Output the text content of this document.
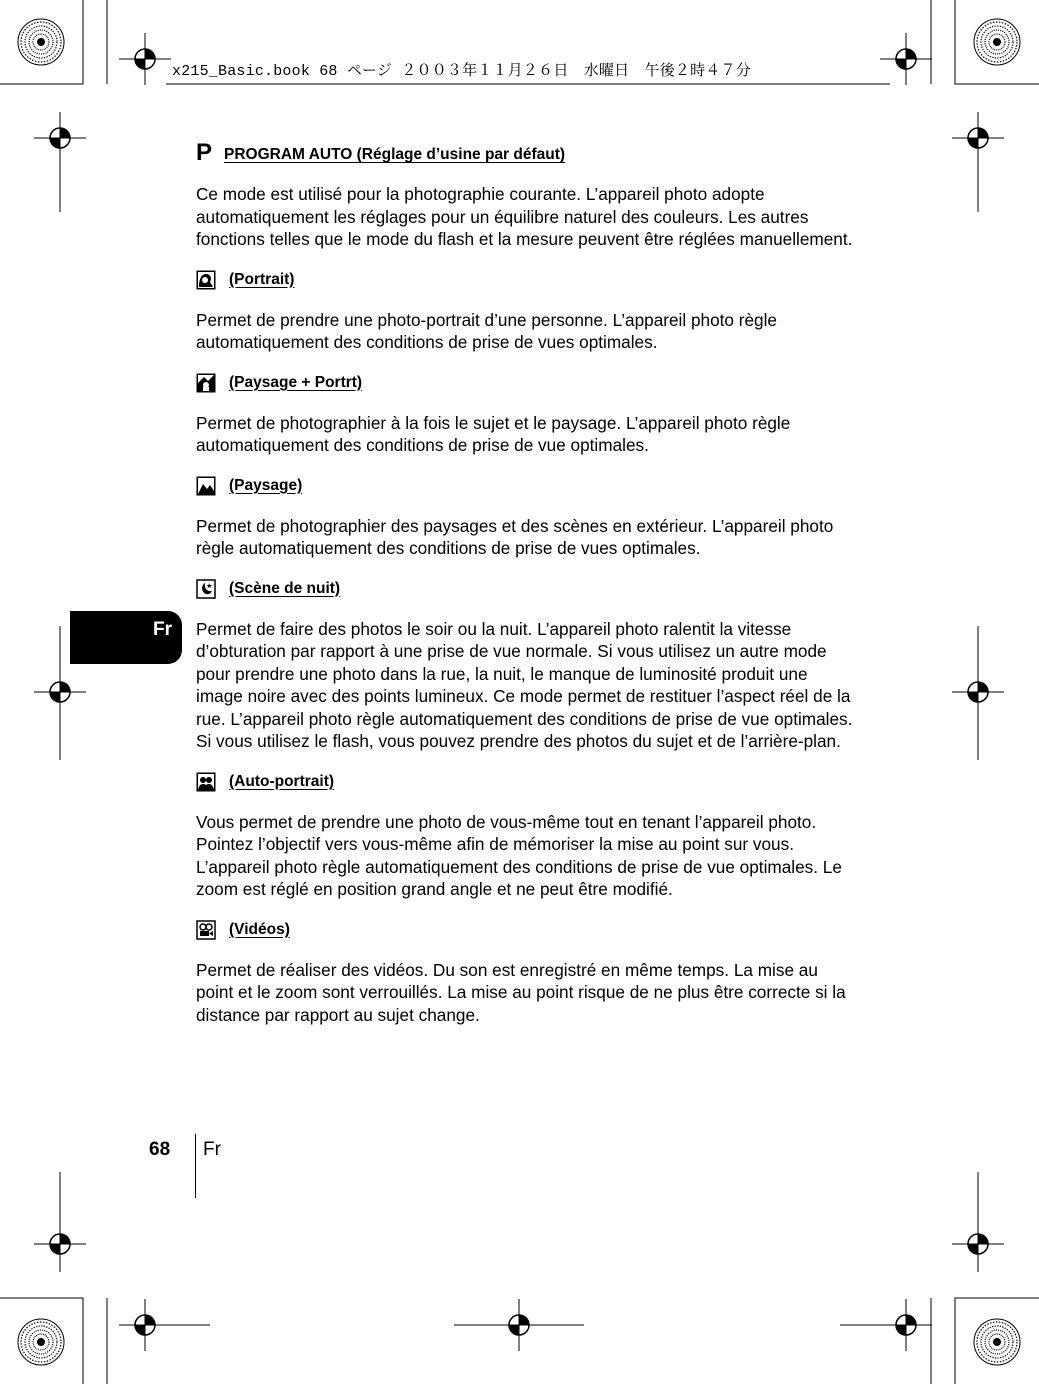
x215_Basic.book 68 ページ ２００３年１１月２６日　水曜日　午後２時４７分
Fr
P PROGRAM AUTO (Réglage d’usine par défaut)

Ce mode est utilisé pour la photographie courante. L’appareil photo adopte automatiquement les réglages pour un équilibre naturel des couleurs. Les autres fonctions telles que le mode du flash et la mesure peuvent être réglées manuellement.

(Portrait)

Permet de prendre une photo-portrait d’une personne. L’appareil photo règle automatiquement des conditions de prise de vues optimales.

(Paysage + Portrt)

Permet de photographier à la fois le sujet et le paysage. L’appareil photo règle automatiquement des conditions de prise de vue optimales.

(Paysage)

Permet de photographier des paysages et des scènes en extérieur. L’appareil photo règle automatiquement des conditions de prise de vues optimales.

(Scène de nuit)

Permet de faire des photos le soir ou la nuit. L’appareil photo ralentit la vitesse d’obturation par rapport à une prise de vue normale. Si vous utilisez un autre mode pour prendre une photo dans la rue, la nuit, le manque de luminosité produit une image noire avec des points lumineux. Ce mode permet de restituer l’aspect réel de la rue. L’appareil photo règle automatiquement des conditions de prise de vue optimales. Si vous utilisez le flash, vous pouvez prendre des photos du sujet et de l’arrière-plan.

(Auto-portrait)

Vous permet de prendre une photo de vous-même tout en tenant l’appareil photo. Pointez l’objectif vers vous-même afin de mémoriser la mise au point sur vous. L’appareil photo règle automatiquement des conditions de prise de vue optimales. Le zoom est réglé en position grand angle et ne peut être modifié.

(Vidéos)

Permet de réaliser des vidéos. Du son est enregistré en même temps. La mise au point et le zoom sont verrouillés. La mise au point risque de ne plus être correcte si la distance par rapport au sujet change.

68 Fr
